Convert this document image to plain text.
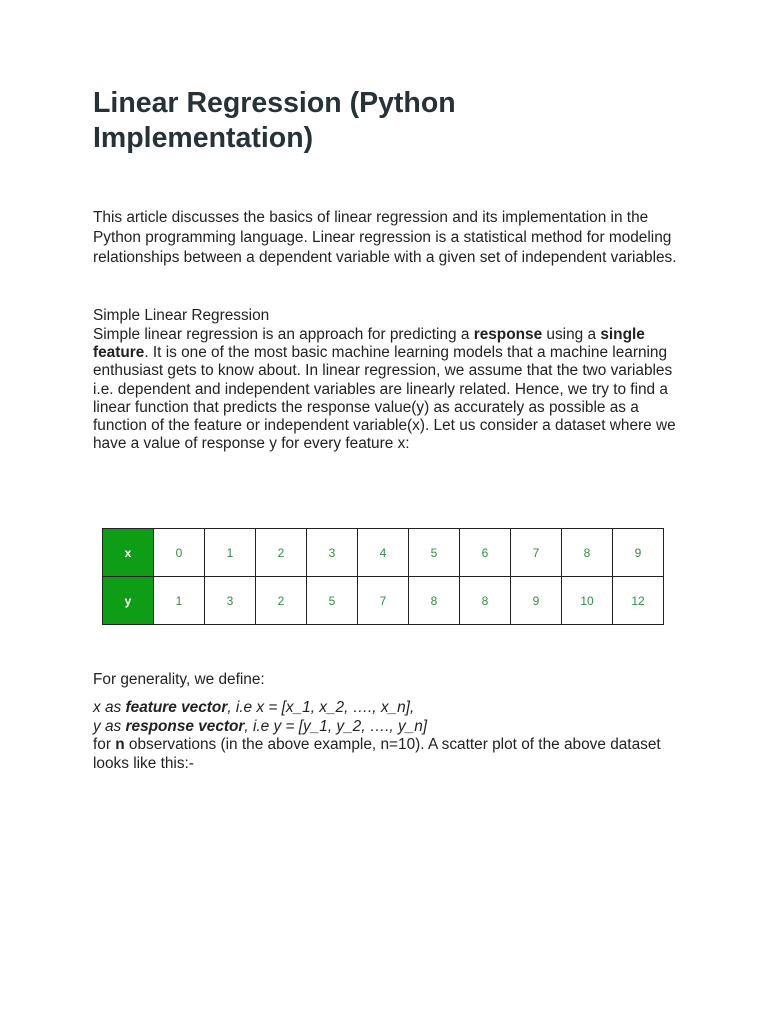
Linear Regression (Python Implementation)

This article discusses the basics of linear regression and its implementation in the Python programming language. Linear regression is a statistical method for modeling relationships between a dependent variable with a given set of independent variables.

Simple Linear Regression

Simple linear regression is an approach for predicting a response using a single feature. It is one of the most basic machine learning models that a machine learning enthusiast gets to know about. In linear regression, we assume that the two variables i.e. dependent and independent variables are linearly related. Hence, we try to find a linear function that predicts the response value(y) as accurately as possible as a function of the feature or independent variable(x). Let us consider a dataset where we have a value of response y for every feature x:

x	0	1	2	3	4	5	6	7	8	9
y	1	3	2	5	7	8	8	9	10	12

For generality, we define:

x as feature vector, i.e x = [x_1, x_2, …., x_n],
y as response vector, i.e y = [y_1, y_2, …., y_n]
for n observations (in the above example, n=10). A scatter plot of the above dataset looks like this:-
